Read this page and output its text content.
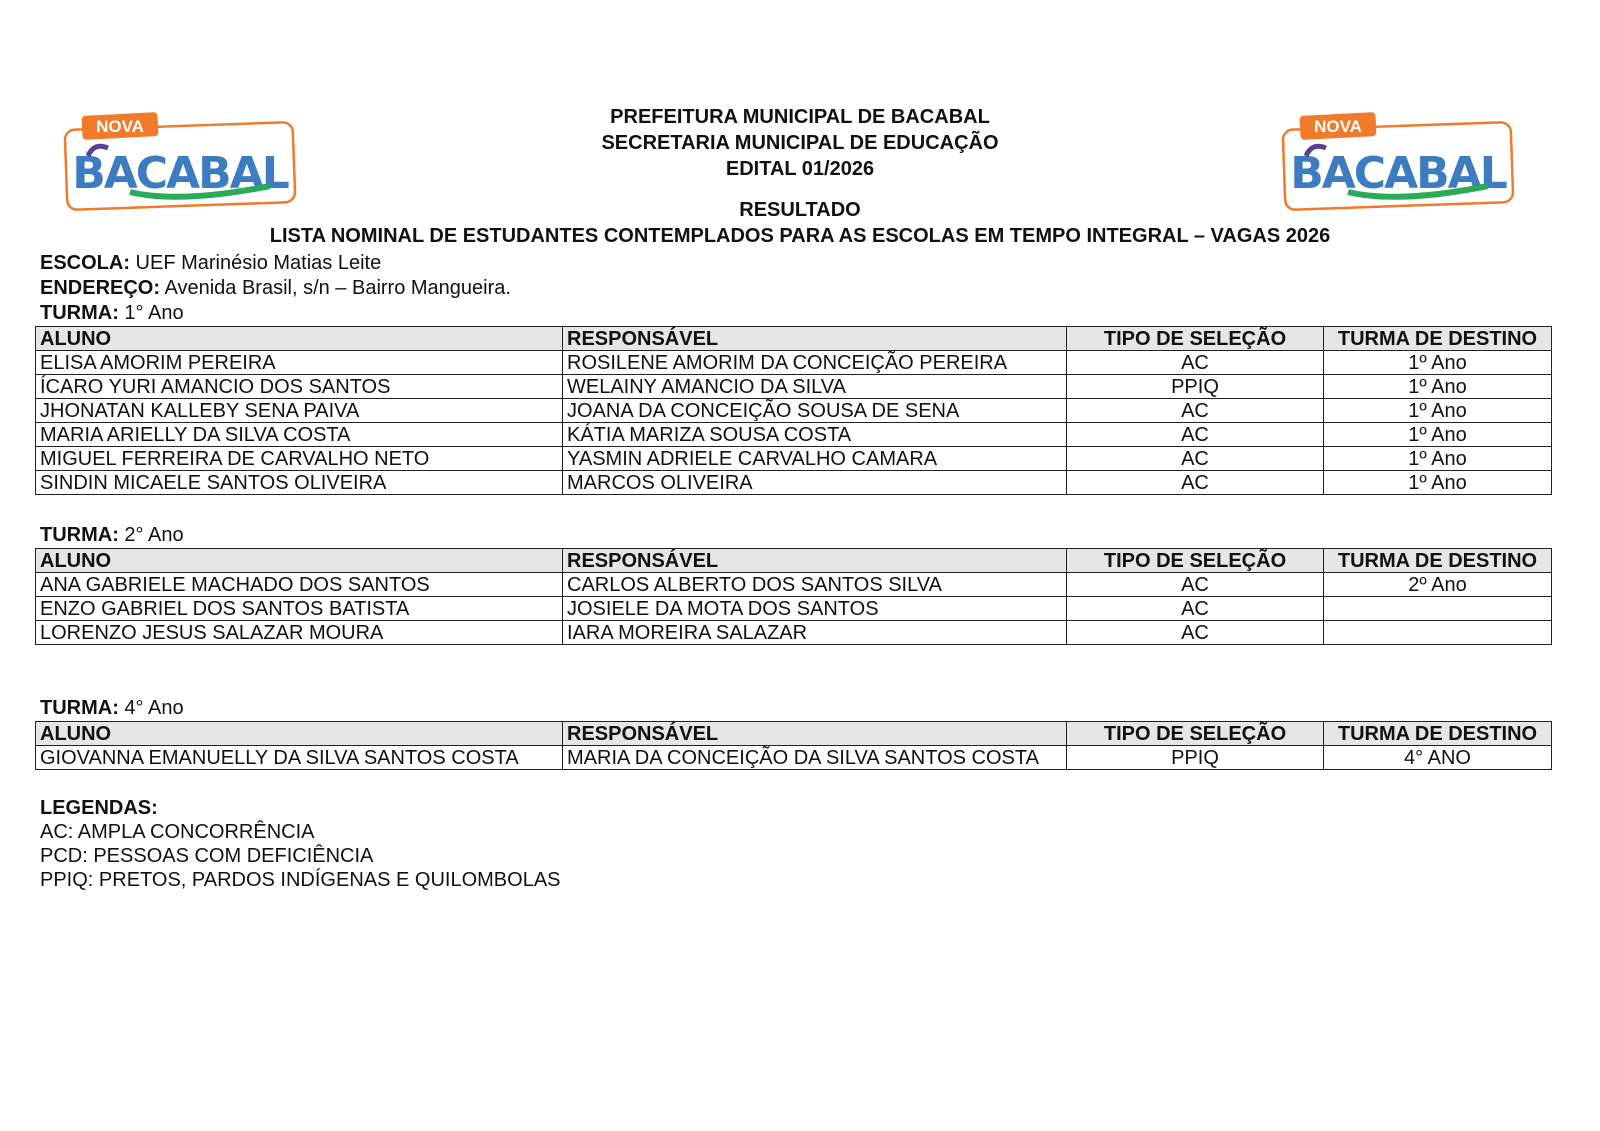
NOVA
BACABAL
NOVA
BACABAL
PREFEITURA MUNICIPAL DE BACABAL
SECRETARIA MUNICIPAL DE EDUCAÇÃO
EDITAL 01/2026
RESULTADO
LISTA NOMINAL DE ESTUDANTES CONTEMPLADOS PARA AS ESCOLAS EM TEMPO INTEGRAL – VAGAS 2026
ESCOLA: UEF Marinésio Matias Leite
ENDEREÇO: Avenida Brasil, s/n – Bairro Mangueira.
TURMA: 1° Ano
ALUNO	RESPONSÁVEL	TIPO DE SELEÇÃO	TURMA DE DESTINO
ELISA AMORIM PEREIRA	ROSILENE AMORIM DA CONCEIÇÃO PEREIRA	AC	1º Ano
ÍCARO YURI AMANCIO DOS SANTOS	WELAINY AMANCIO DA SILVA	PPIQ	1º Ano
JHONATAN KALLEBY SENA PAIVA	JOANA DA CONCEIÇÃO SOUSA DE SENA	AC	1º Ano
MARIA ARIELLY DA SILVA COSTA	KÁTIA MARIZA SOUSA COSTA	AC	1º Ano
MIGUEL FERREIRA DE CARVALHO NETO	YASMIN ADRIELE CARVALHO CAMARA	AC	1º Ano
SINDIN MICAELE SANTOS OLIVEIRA	MARCOS OLIVEIRA	AC	1º Ano
TURMA: 2° Ano
ALUNO	RESPONSÁVEL	TIPO DE SELEÇÃO	TURMA DE DESTINO
ANA GABRIELE MACHADO DOS SANTOS	CARLOS ALBERTO DOS SANTOS SILVA	AC	2º Ano
ENZO GABRIEL DOS SANTOS BATISTA	JOSIELE DA MOTA DOS SANTOS	AC	
LORENZO JESUS SALAZAR MOURA	IARA MOREIRA SALAZAR	AC	
TURMA: 4° Ano
ALUNO	RESPONSÁVEL	TIPO DE SELEÇÃO	TURMA DE DESTINO
GIOVANNA EMANUELLY DA SILVA SANTOS COSTA	MARIA DA CONCEIÇÃO DA SILVA SANTOS COSTA	PPIQ	4° ANO
LEGENDAS:
AC: AMPLA CONCORRÊNCIA
PCD: PESSOAS COM DEFICIÊNCIA
PPIQ: PRETOS, PARDOS INDÍGENAS E QUILOMBOLAS
